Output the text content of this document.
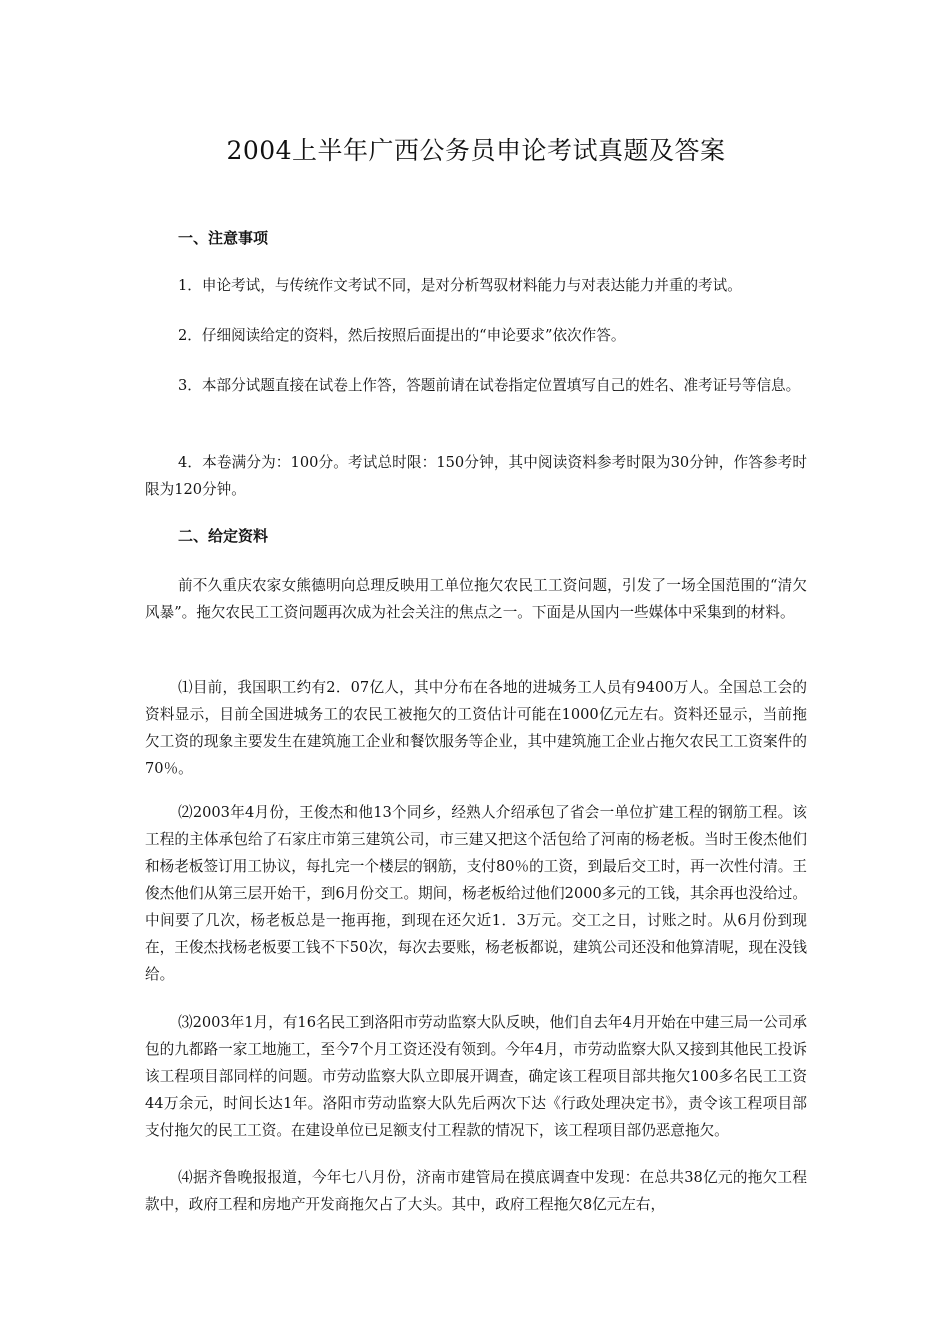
2004上半年广西公务员申论考试真题及答案
一、注意事项

1．申论考试，与传统作文考试不同，是对分析驾驭材料能力与对表达能力并重的考试。

2．仔细阅读给定的资料，然后按照后面提出的“申论要求”依次作答。

3．本部分试题直接在试卷上作答，答题前请在试卷指定位置填写自己的姓名、准考证号等信息。

4．本卷满分为：100分。考试总时限：150分钟，其中阅读资料参考时限为30分钟，作答参考时限为120分钟。

二、给定资料

前不久重庆农家女熊德明向总理反映用工单位拖欠农民工工资问题，引发了一场全国范围的“清欠风暴”。拖欠农民工工资问题再次成为社会关注的焦点之一。下面是从国内一些媒体中采集到的材料。

⑴目前，我国职工约有2．07亿人，其中分布在各地的进城务工人员有9400万人。全国总工会的资料显示，目前全国进城务工的农民工被拖欠的工资估计可能在1000亿元左右。资料还显示，当前拖欠工资的现象主要发生在建筑施工企业和餐饮服务等企业，其中建筑施工企业占拖欠农民工工资案件的70％。

⑵2003年4月份，王俊杰和他13个同乡，经熟人介绍承包了省会一单位扩建工程的钢筋工程。该工程的主体承包给了石家庄市第三建筑公司，市三建又把这个活包给了河南的杨老板。当时王俊杰他们和杨老板签订用工协议，每扎完一个楼层的钢筋，支付80％的工资，到最后交工时，再一次性付清。王俊杰他们从第三层开始干，到6月份交工。期间，杨老板给过他们2000多元的工钱，其余再也没给过。中间要了几次，杨老板总是一拖再拖，到现在还欠近1．3万元。交工之日，讨账之时。从6月份到现在，王俊杰找杨老板要工钱不下50次，每次去要账，杨老板都说，建筑公司还没和他算清呢，现在没钱给。

⑶2003年1月，有16名民工到洛阳市劳动监察大队反映，他们自去年4月开始在中建三局一公司承包的九都路一家工地施工，至今7个月工资还没有领到。今年4月，市劳动监察大队又接到其他民工投诉该工程项目部同样的问题。市劳动监察大队立即展开调查，确定该工程项目部共拖欠100多名民工工资44万余元，时间长达1年。洛阳市劳动监察大队先后两次下达《行政处理决定书》，责令该工程项目部支付拖欠的民工工资。在建设单位已足额支付工程款的情况下，该工程项目部仍恶意拖欠。

⑷据齐鲁晚报报道，今年七八月份，济南市建管局在摸底调查中发现：在总共38亿元的拖欠工程款中，政府工程和房地产开发商拖欠占了大头。其中，政府工程拖欠8亿元左右，
